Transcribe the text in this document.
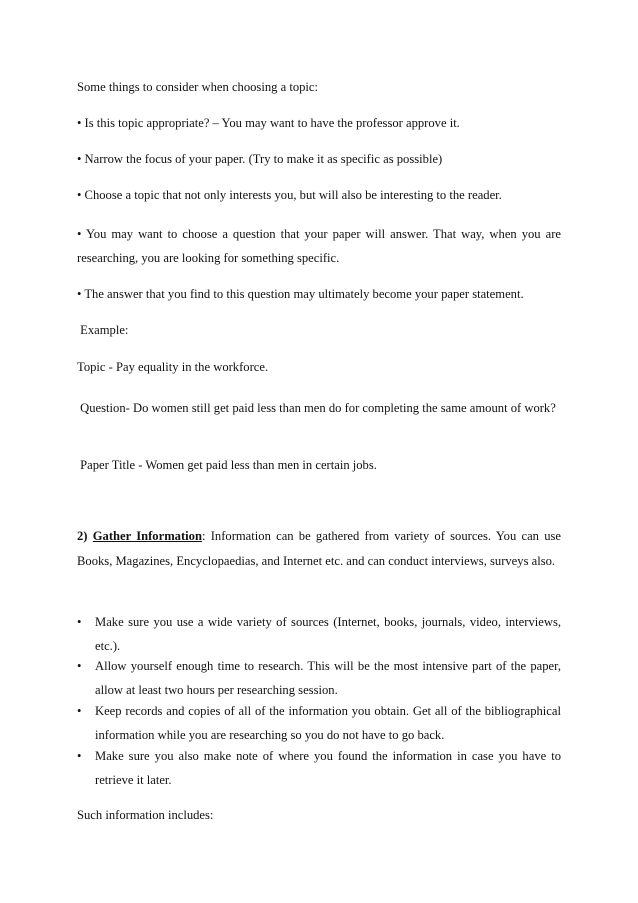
Some things to consider when choosing a topic:

• Is this topic appropriate? – You may want to have the professor approve it.

• Narrow the focus of your paper. (Try to make it as specific as possible)

• Choose a topic that not only interests you, but will also be interesting to the reader.

• You may want to choose a question that your paper will answer. That way, when you are researching, you are looking for something specific.

• The answer that you find to this question may ultimately become your paper statement.

Example:

Topic - Pay equality in the workforce.

Question- Do women still get paid less than men do for completing the same amount of work?

Paper Title - Women get paid less than men in certain jobs.

2) Gather Information: Information can be gathered from variety of sources. You can use Books, Magazines, Encyclopaedias, and Internet etc. and can conduct interviews, surveys also.

•	Make sure you use a wide variety of sources (Internet, books, journals, video, interviews, etc.).
•	Allow yourself enough time to research. This will be the most intensive part of the paper, allow at least two hours per researching session.
•	Keep records and copies of all of the information you obtain. Get all of the bibliographical information while you are researching so you do not have to go back.
•	Make sure you also make note of where you found the information in case you have to retrieve it later.

Such information includes:
